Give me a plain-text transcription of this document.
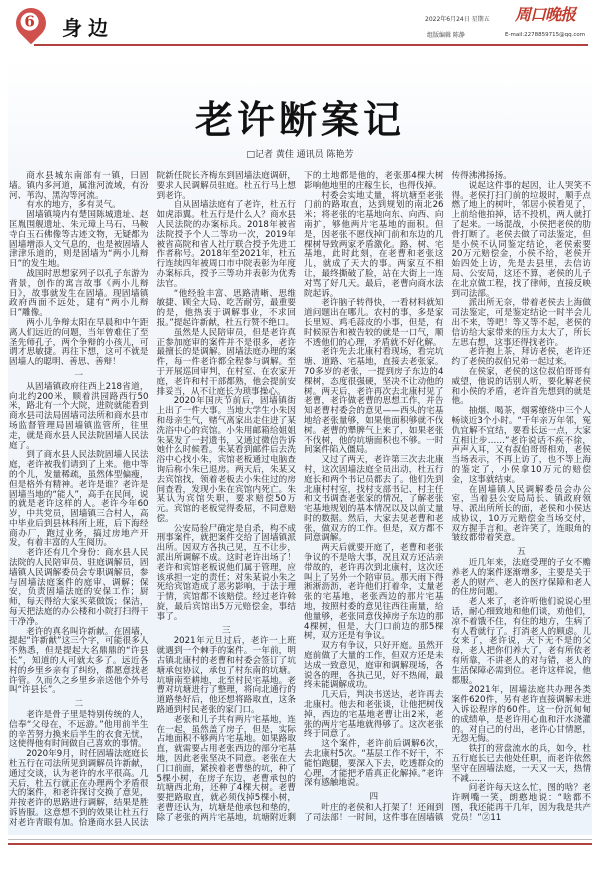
6 身边	2022年6月24日 星期五
组版编辑 陈静	E-mail:2278859715@qq.com
周口晚报
老许断案记
□记者 黄佳 通讯员 陈艳芳

商水县城东南部有一镇，曰固墙。镇内多河道，属淮河流域，有汾河、苇沟、黑沟等河流。

有水的地方，多有灵气。

固墙镇境内有楚国陈城遗址、赵匡胤围舰遗址、朱元璋上马石、马鞍寺白玉石佛像等古迹文物，无疑都为固墙增添人文气息的，也是被固墙人津津乐道的，则是固墙为“两小儿辩日”的发生地。

战国时思想家列子以孔子东游为背景，创作的寓言故事《两小儿辩日》，故事就发生在固墙。现固墙镇政府西面不远处，建有“两小儿辩日”雕像。

两小儿争辩太阳在早晨和中午距离人们远近的问题，当年曾难住了至圣先师孔子，两个争辩的小孩儿，可谓才思敏捷。再往下想，这可不就是固墙人的聪明、善思、善辩！

一

从固墙镇政府往西上218省道，向北约200米，顺着洪园路西行50米，路北有一个大院，进院就能看到商水县司法局固墙司法所和商水县市场监督管理局固墙镇监管所，往里走，就是商水县人民法院固墙人民法庭了。

到了商水县人民法院固墙人民法庭，老许被我们请到了上来。他中等的个儿，发量稀疏，虽然体型偏瘦，但是格外有精神。老许是谁？老许是固墙当地的“能人”，高手在民间，说的就是老许这样的人。老许今年60岁，中共党员，固墙镇三合村人，高中毕业后到县林科所上班，后下海经商办厂，跑过业务，搞过房地产开发，有着丰富的人生阅历。

老许还有几个身份：商水县人民法院的人民陪审员、驻庭调解员，固墙镇人民调解委员会专职调解员，参与固墙法庭案件的庭审、调解；保安，负责固墙法庭的安保工作；厨师，每天得给大家买菜做饭；保洁，每天把法庭的办公楼和小院打扫得干干净净。

老许的真名叫许新献。在固墙，提起“许新献”这三个字，可能很多人不熟悉，但是提起大名鼎鼎的“许县长”，知道的人可就太多了。远近各村的乡里乡亲有了纠纷，都愿意找老许管。久而久之乡里乡亲送他个外号叫“许县长”。

二

老许是骨子里是特别传统的人，信奉“父母在，不远游。”他用前半生的辛苦努力换来后半生的衣食无忧，这使得他有时间做自己喜欢的事情。

2020年9月，时任固墙法庭庭长杜五行在司法所见到调解员许新献，通过交谈，认为老许的水平很高。几天后，杜五行就正在办理两个矛盾很大的案件，和老许探讨交换了意见，并按老许的思路进行调解，结果是胜诉皆服。这意想不到的效果让杜五行对老许青眼有加。恰逢商水县人民法院新任院长齐梅东到固墙法庭调研，要求人民调解员驻庭。杜五行马上想到老许。

自从固墙法庭有了老许，杜五行如虎添翼。杜五行是什么人？商水县人民法院的办案标兵。2018年被省法院授予个人二等功一次，2019年被省高院和省人社厅联合授予先进工作者称号。2018年至2021年，杜五行连续四年被周口市中院表彰为年度办案标兵，授予三等功并表彰为优秀法官。

“他经验丰富、思路清晰、思维敏捷、顾全大局、吃苦耐劳，最重要的是，他热衷于调解事业，不求回报。”提起许新献，杜五行赞不绝口。

虽然是人民陪审员，但是老许真正参加庭审的案件并不是很多，老许最擅长的是调解。固墙法庭办理的案件，每一件老许都全程参与调解。至于开展巡回审判，在村室、在农家开庭，老许和村干部都熟，他会提前安排妥当，从不让庭长为琐事操心。

2020年国庆节前后，固墙镇街上出了一件大事。当地大学生小朱因和母亲生气，赌气离家出走住进了某洗浴中心的宾馆。小朱用邮箱给姐姐朱某发了一封遗书，又通过微信告诉她什么时候看。朱某看到邮件后去洗浴中心找小朱，宾馆老板通过电脑查询后称小朱已退房。两天后，朱某又去宾馆找，领着老板去小朱住过的房间查看，发现小朱在宾馆内死亡。朱某认为宾馆失职，要求赔偿50万元。宾馆的老板觉得委屈，不同意赔偿。

公安局验尸确定是自杀，构不成刑事案件，就把案件交给了固墙镇派出所。因双方各执己见，互不让步，派出所调解不成。这时老许出场了！老许和宾馆老板说他们属于管理，应该承担一定的责任；对朱某说小朱之死给宾馆造成了恶劣影响，于法于理于情，宾馆都不该赔偿。经过老许斡旋，最后宾馆出5万元赔偿金，事结事了。

三

2021年元旦过后，老许一上班就遇到一个棘手的案件。一年前，明古镇北康村的老曹和村委会签订了坑塘承包协议，承包了村东南的坑塘。坑塘南至耕地，北至村民宅基地。老曹对坑塘进行了整理，将向北通行的道路垫好后，他还想将路取直，这条路通到村民老张的家门口。

老张和儿子共有两片宅基地，连在一起，虽然盖了房子，但是，实际占地面积不够两片宅基地。如果路取直，就需要占用老张西边的部分宅基地，因此老张坚决不同意。老张在大门口前面，紧挨着老曹垫的坑，种了5棵小树，在房子东边，老曹承包的坑塘西北角，还种了4棵大树。老曹要把路取直，就必须伐掉5棵小树，老曹还认为，坑塘是他承包和垫的，除了老张的两片宅基地，坑塘附近剩下的土地都是他的，老张那4棵大树影响他地里的庄稼生长，也得伐掉。

村委会实地丈量，将坑塘至老张门前的路取直，达到规划的南北26米；将老张的宅基地向东、向西、向南扩，够他两片宅基地的面积。但是，因老张不愿伐掉门前和东边的几棵树导致两家矛盾激化。路、树、宅基地，此时此刻，在老曹和老张这儿，就成了天大的事。两家互不相让，最终撕破了脸，站在大街上一连对骂了好几天。最后，老曹向商水法院起诉。

老许脑子转得快，一看材料就知道问题出在哪儿。农村的事，多是家长里短、鸡毛蒜皮的小事，但是，有时候原告和被告较的就是一口气，顺不透他们的心理，矛盾就不好化解。

老许先去北康村看现场，看完坑塘、道路、宅基地，直接去老张家。70多岁的老张，一提到房子东边的4棵树，态度很强硬，坚决不让动他的树。两天后，老许再次去北康村见了老曹，老许做老曹的思想工作，并告知老曹村委会的意见——西头的宅基地给老张量够，如果他面积够就不伐树。老曹的犟脾气上来了，如果老张不伐树，他的坑塘面积也不够。一时间案件陷入僵局。

又过了两天，老许第三次去北康村，这次固墙法庭全员出动，杜五行庭长和两个书记员都去了。他们先到北康村村室，找村支部书记、村主任和文书调查老张家的情况，了解老张宅基地规划的基本情况以及以前丈量时的数据。然后，大家去见老曹和老张，做双方的工作。但是，双方都不同意调解。

两天后就要开庭了，老曹和老张争议的不是啥大事，况且双方还沾亲带故的，老许再次到北康村，这次还叫上了另外一个陪审员。那天雨下得淅淅沥沥，老许他们打着伞，丈量老张的宅基地，老张西边的那片宅基地，按照村委的意见往西往南量，给他量够，老张同意伐掉房子东边的那4棵树，但是，大门口前边的那5棵树，双方还是有争议。

双方有争议，只好开庭。虽然开庭前做了大量的工作，但双方还是未达成一致意见，庭审和调解现场，各说各的理，各执己见，好不热闹，最终未能调解成功。

几天后，判决书送达，老许再去北康村。他去和老张谈，让他把树伐掉，西边的宅基地老曹让出2米，老张的两片宅基地就得够了。这次老张终于同意了。

这个案件，老许前后调解6次，去北康村5次。“基层工作不好干，不能怕跑腿，要深入下去，吃透群众的心理，才能把矛盾真正化解掉。”老许深有感触地说。

四

叶庄的老侯和人打架了！还闹到了司法部！一时间，这件事在固墙镇传得沸沸扬扬。

说起这件事的起因，让人哭笑不得。老侯打扫门前的垃圾时，顺手点燃了地上的树叶，邻居小侯看见了，上前给他拍掉，话不投机，两人就打了起来。一场混战，小侯把老侯的肋骨打断了。老侯去做了司法鉴定，但是小侯不认同鉴定结论，老侯索要20万元赔偿金，小侯不给，老侯开始四处上访，先是去县里，去信访局、公安局，这还不算，老侯的儿子在北京做工程，找了律师，直接反映到司法部。

派出所无奈，带着老侯去上海做司法鉴定，可是鉴定结论一时半会儿出不来，等吧！等又等不起，老侯的信访给大家带来的压力太大了，所长左思右想，这事还得找老许。

老许抱上茶，拜访老侯，老许还约了老侯的叔伯兄弟一起过来。

在侯家，老侯的这位叔伯哥哥有威望，他说的话别人听，要化解老侯和小侯的矛盾，老许首先想到的就是他。

抽烟、喝茶，烟雾缭绕中三个人畅谈近3个小时。“千年亲万年邻，冤仇宜解不宜结，要看长远一点，大家互相让步……”老许说话不疾不徐，声声入耳，又有叔伯哥哥相劝，老侯当场表示，不再上访了，也不等上海的鉴定了，小侯拿10万元的赔偿金，这事就结束。

在固墙镇人民调解委员会办公室，当着县公安局局长、镇政府领导、派出所所长的面，老侯和小侯达成协议，10万元赔偿金当场交付，双方握手言和。老许笑了，连眼角的皱纹都带着笑意。

五

近几年来，法庭受理的子女不赡养老人的案件逐渐增多，主要是关于老人的财产、老人的医疗保障和老人的住房问题。

老人来了，老许听他们说说心里话，耐心细致地和他们谈，劝他们，凉不着饿不住，有住的地方，生病了有人看就行了。打消老人的顾虑。儿女来了，老许说，天下无不是的父母，老人把你们养大了，老有所依老有所靠，不讲老人的对与错，老人的生活保障必需到位。老许这样说，他都服。

2021年，固墙法庭共办理各类案件620件，另有老许直接调解未进入诉讼程序的60件。这一份沉甸甸的成绩单，是老许用心血和汗水浇灌的。对自己的付出，老许心甘情愿，无怨无悔。

铁打的营盘流水的兵，如今，杜五行庭长已去他处任职，而老许依然坚守在固墙法庭，一天又一天，热情不减……

问老许每天这么忙，图的啥？老许咧嘴一笑，朗憨地说：“啥都不图，我还能再干几年，因为我是共产党员！”Ⓩ11
